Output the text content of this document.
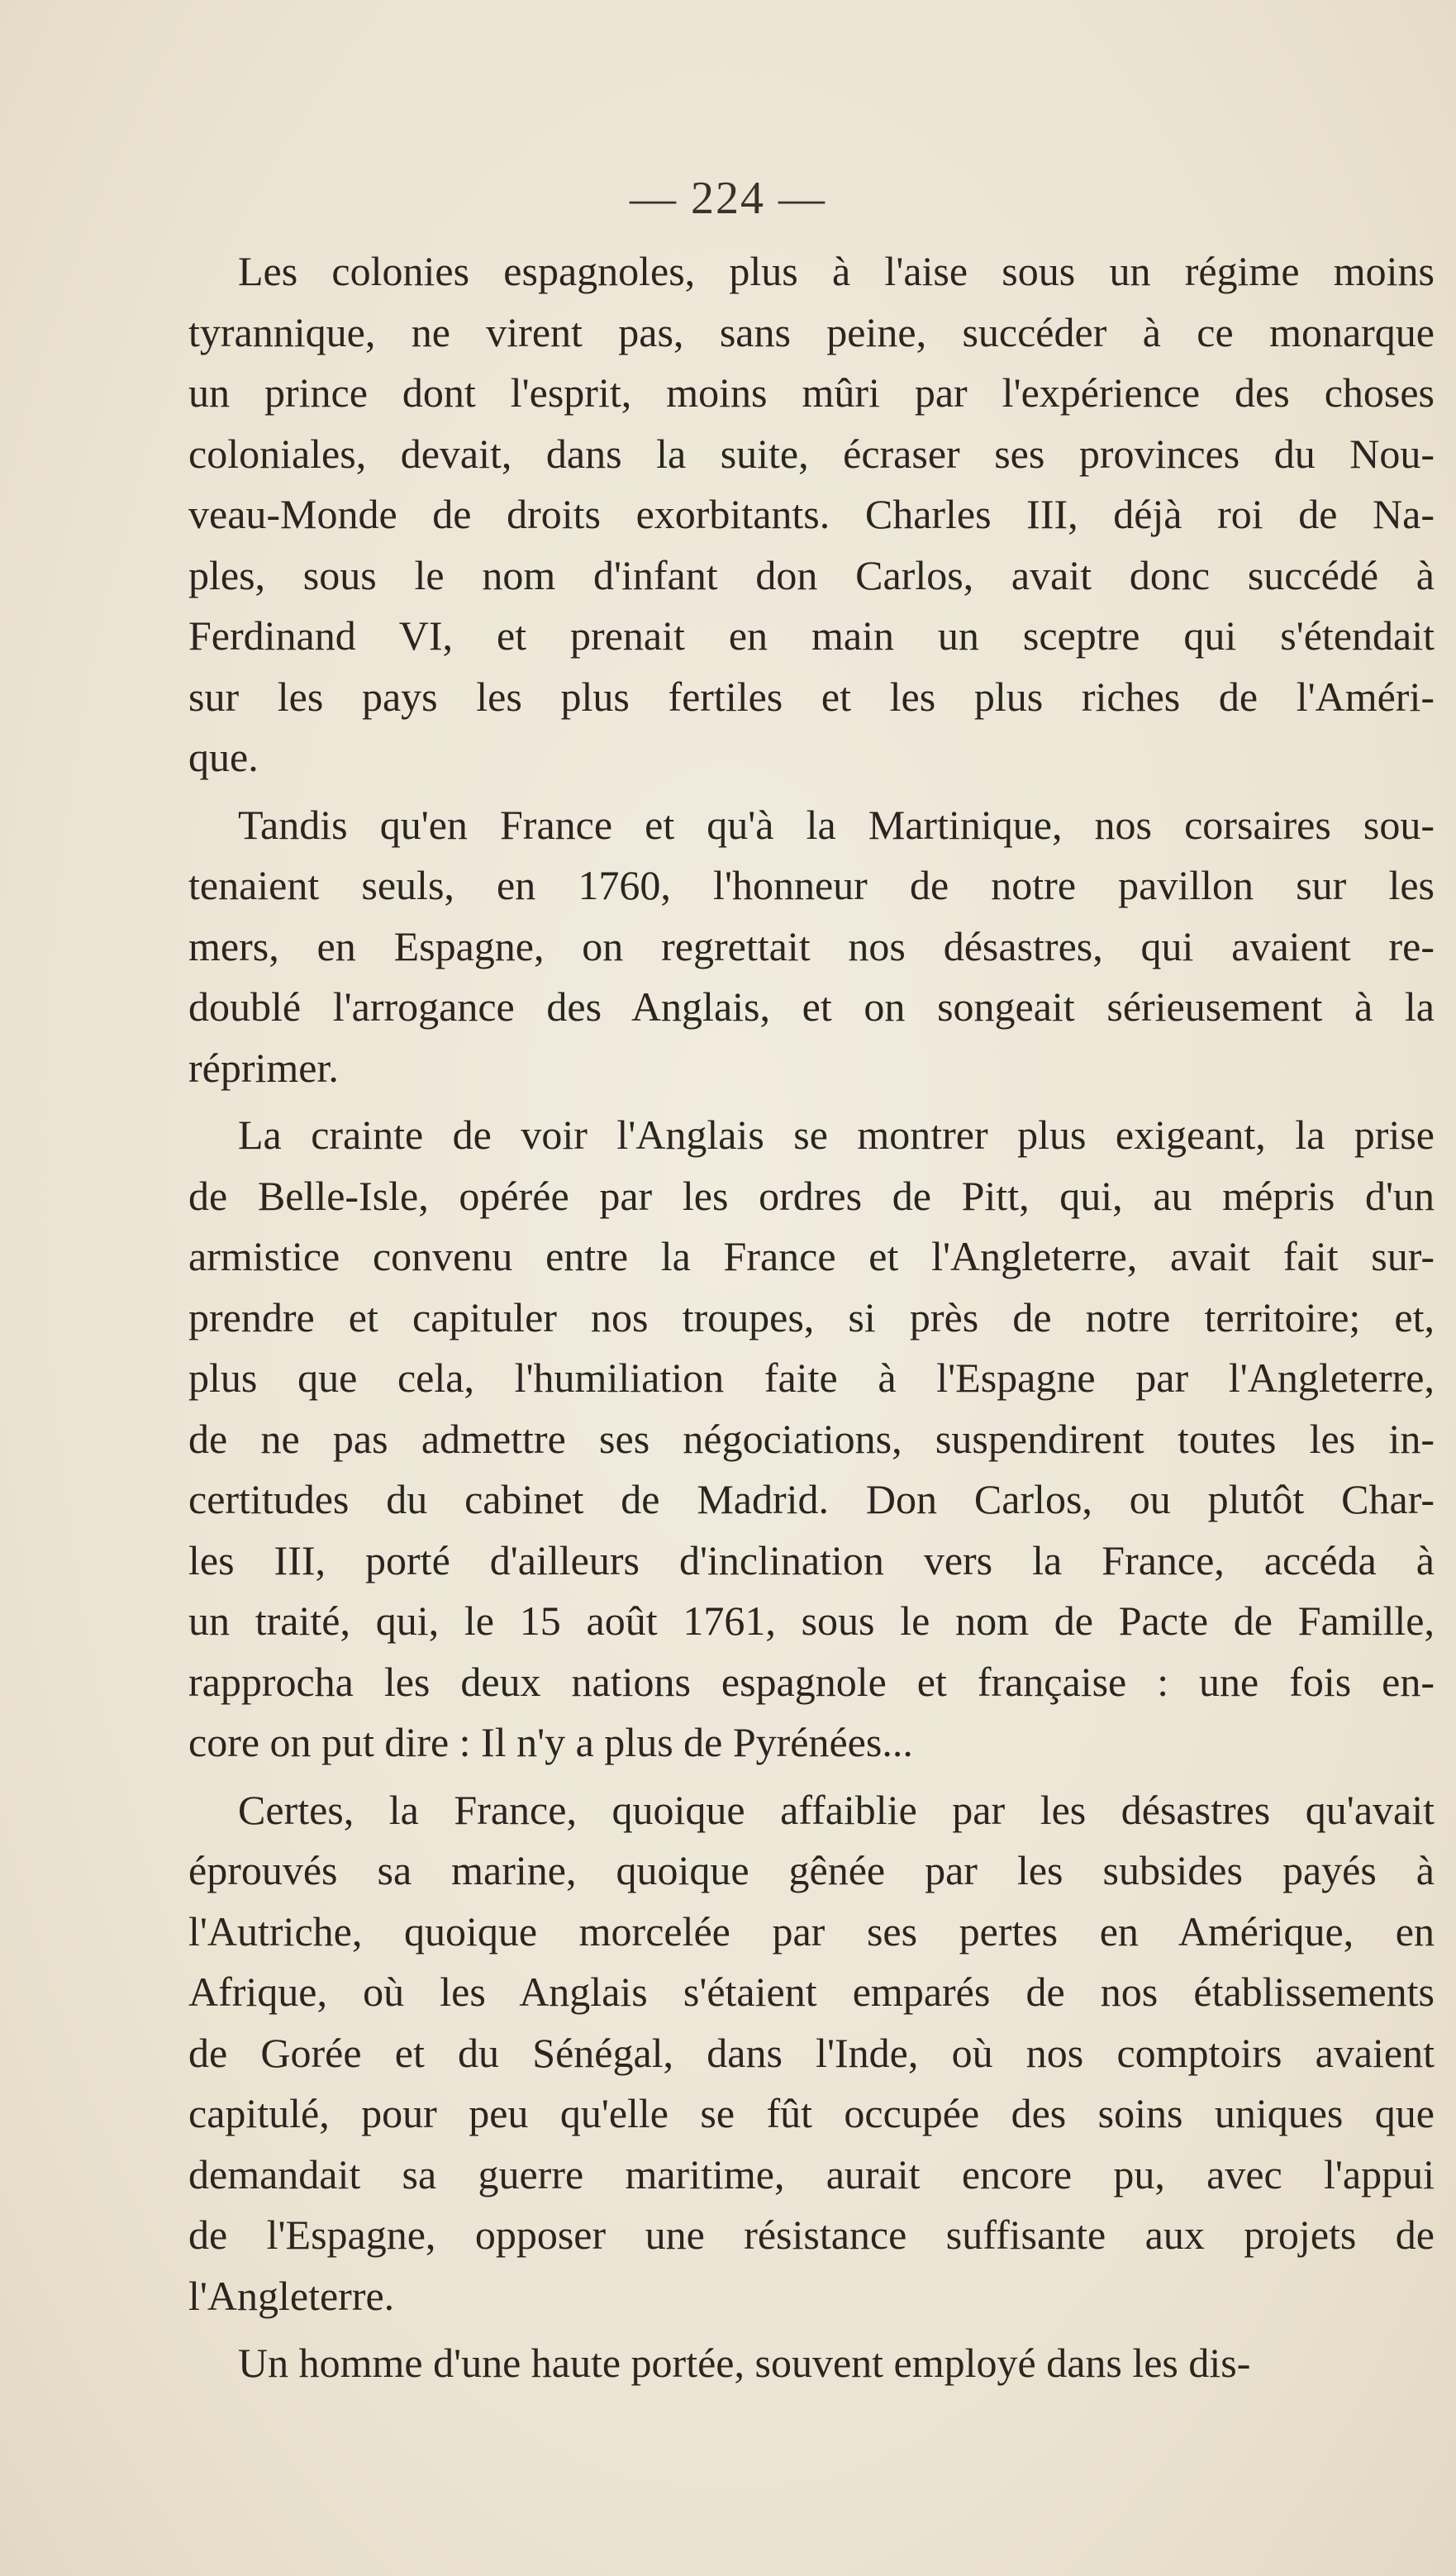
— 224 —
Les colonies espagnoles, plus à l'aise sous un régime moins
tyrannique, ne virent pas, sans peine, succéder à ce monarque
un prince dont l'esprit, moins mûri par l'expérience des choses
coloniales, devait, dans la suite, écraser ses provinces du Nou-
veau-Monde de droits exorbitants. Charles III, déjà roi de Na-
ples, sous le nom d'infant don Carlos, avait donc succédé à
Ferdinand VI, et prenait en main un sceptre qui s'étendait
sur les pays les plus fertiles et les plus riches de l'Améri-
que.
Tandis qu'en France et qu'à la Martinique, nos corsaires sou-
tenaient seuls, en 1760, l'honneur de notre pavillon sur les
mers, en Espagne, on regrettait nos désastres, qui avaient re-
doublé l'arrogance des Anglais, et on songeait sérieusement à la
réprimer.
La crainte de voir l'Anglais se montrer plus exigeant, la prise
de Belle-Isle, opérée par les ordres de Pitt, qui, au mépris d'un
armistice convenu entre la France et l'Angleterre, avait fait sur-
prendre et capituler nos troupes, si près de notre territoire; et,
plus que cela, l'humiliation faite à l'Espagne par l'Angleterre,
de ne pas admettre ses négociations, suspendirent toutes les in-
certitudes du cabinet de Madrid. Don Carlos, ou plutôt Char-
les III, porté d'ailleurs d'inclination vers la France, accéda à
un traité, qui, le 15 août 1761, sous le nom de Pacte de Famille,
rapprocha les deux nations espagnole et française : une fois en-
core on put dire : Il n'y a plus de Pyrénées...
Certes, la France, quoique affaiblie par les désastres qu'avait
éprouvés sa marine, quoique gênée par les subsides payés à
l'Autriche, quoique morcelée par ses pertes en Amérique, en
Afrique, où les Anglais s'étaient emparés de nos établissements
de Gorée et du Sénégal, dans l'Inde, où nos comptoirs avaient
capitulé, pour peu qu'elle se fût occupée des soins uniques que
demandait sa guerre maritime, aurait encore pu, avec l'appui
de l'Espagne, opposer une résistance suffisante aux projets de
l'Angleterre.
Un homme d'une haute portée, souvent employé dans les dis-
